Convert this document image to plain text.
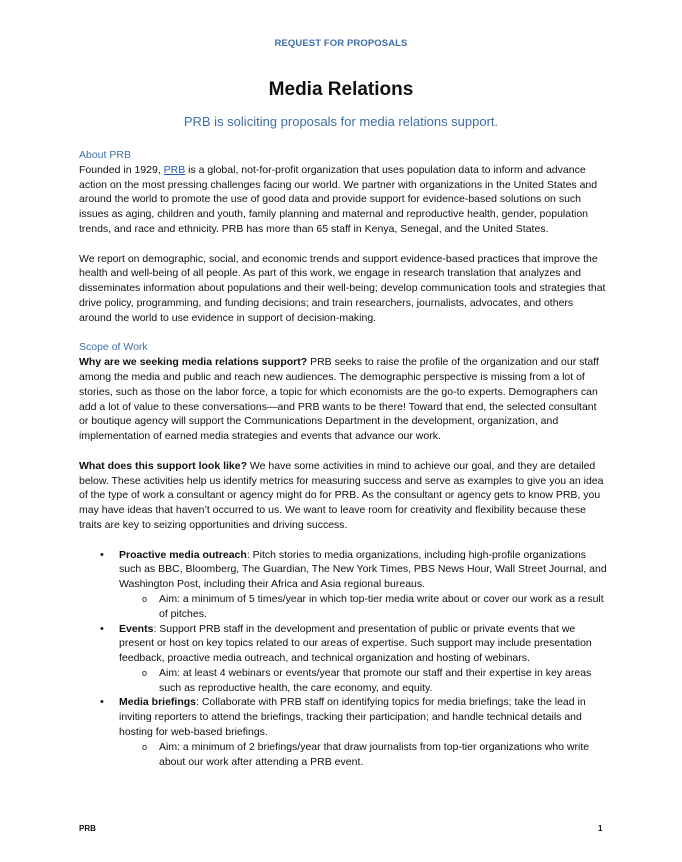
REQUEST FOR PROPOSALS
Media Relations
PRB is soliciting proposals for media relations support.
About PRB

Founded in 1929, PRB is a global, not-for-profit organization that uses population data to inform and advance action on the most pressing challenges facing our world. We partner with organizations in the United States and around the world to promote the use of good data and provide support for evidence-based solutions on such issues as aging, children and youth, family planning and maternal and reproductive health, gender, population trends, and race and ethnicity. PRB has more than 65 staff in Kenya, Senegal, and the United States.

We report on demographic, social, and economic trends and support evidence-based practices that improve the health and well-being of all people. As part of this work, we engage in research translation that analyzes and disseminates information about populations and their well-being; develop communication tools and strategies that drive policy, programming, and funding decisions; and train researchers, journalists, advocates, and others around the world to use evidence in support of decision-making.

Scope of Work

Why are we seeking media relations support? PRB seeks to raise the profile of the organization and our staff among the media and public and reach new audiences. The demographic perspective is missing from a lot of stories, such as those on the labor force, a topic for which economists are the go-to experts. Demographers can add a lot of value to these conversations—and PRB wants to be there! Toward that end, the selected consultant or boutique agency will support the Communications Department in the development, organization, and implementation of earned media strategies and events that advance our work.

What does this support look like? We have some activities in mind to achieve our goal, and they are detailed below. These activities help us identify metrics for measuring success and serve as examples to give you an idea of the type of work a consultant or agency might do for PRB. As the consultant or agency gets to know PRB, you may have ideas that haven’t occurred to us. We want to leave room for creativity and flexibility because these traits are key to seizing opportunities and driving success.

• Proactive media outreach: Pitch stories to media organizations, including high-profile organizations such as BBC, Bloomberg, The Guardian, The New York Times, PBS News Hour, Wall Street Journal, and Washington Post, including their Africa and Asia regional bureaus.
o Aim: a minimum of 5 times/year in which top-tier media write about or cover our work as a result of pitches.
• Events: Support PRB staff in the development and presentation of public or private events that we present or host on key topics related to our areas of expertise. Such support may include presentation feedback, proactive media outreach, and technical organization and hosting of webinars.
o Aim: at least 4 webinars or events/year that promote our staff and their expertise in key areas such as reproductive health, the care economy, and equity.
• Media briefings: Collaborate with PRB staff on identifying topics for media briefings; take the lead in inviting reporters to attend the briefings, tracking their participation; and handle technical details and hosting for web-based briefings.
o Aim: a minimum of 2 briefings/year that draw journalists from top-tier organizations who write about our work after attending a PRB event.
PRB	1
